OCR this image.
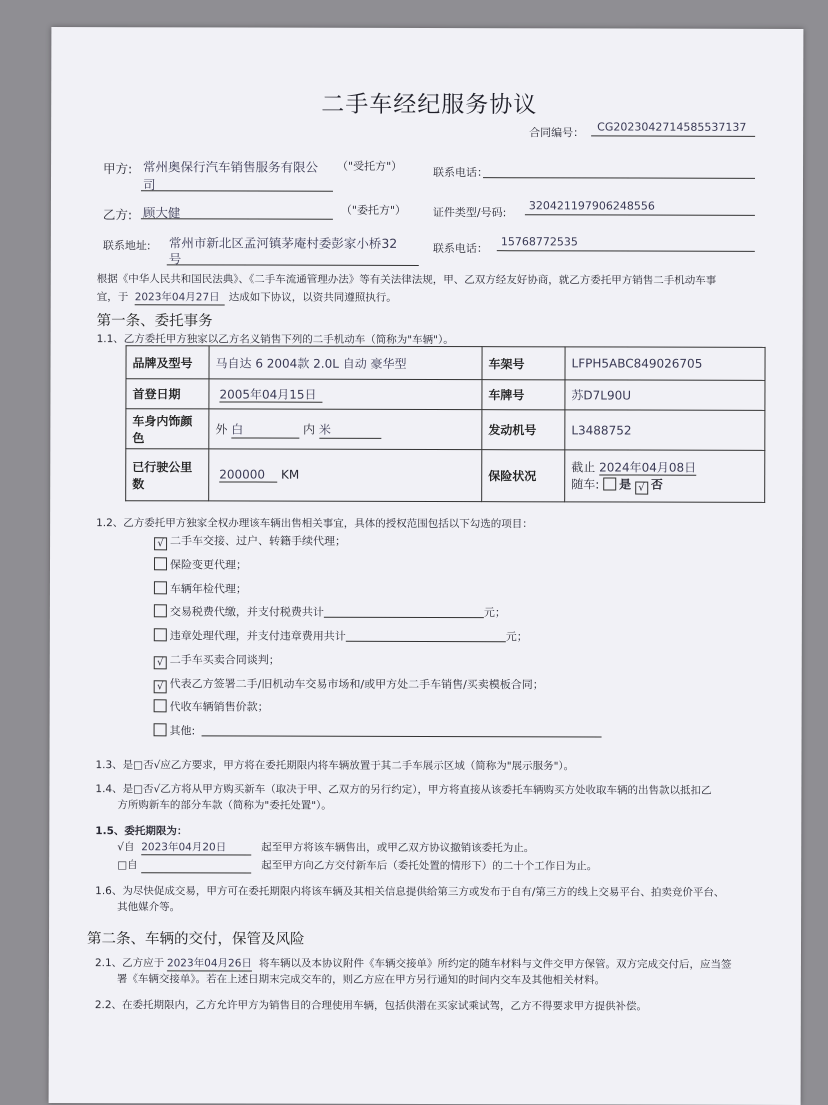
二手车经纪服务协议
合同编号： CG2023042714585537137
甲方: 常州奥保行汽车销售服务有限公
司
（"受托方"）	联系电话：
乙方: 顾大健	（"委托方"） 证件类型/号码:
320421197906248556
联系地址: 常州市新北区孟河镇茅庵村委彭家小桥32
号
联系电话：
15768772535
根据《中华人民共和国民法典》、《二手车流通管理办法》等有关法律法规，甲、乙双方经友好协商，就乙方委托甲方销售二手机动车事
宜，于 2023年04月27日 达成如下协议，以资共同遵照执行。
第一条、委托事务
1.1、乙方委托甲方独家以乙方名义销售下列的二手机动车（简称为"车辆"）。
品牌及型号	马自达 6 2004款 2.0L 自动 豪华型	车架号	LFPH5ABC849026705
首登日期	2005年04月15日	车牌号	苏D7L90U
车身内饰颜色	外 白 内 米	发动机号	L3488752
已行驶公里数	200000 KM	保险状况	截止 2024年04月08日
随车: 是 √ 否
1.2、乙方委托甲方独家全权办理该车辆出售相关事宜，具体的授权范围包括以下勾选的项目：
√ 二手车交接、过户、转籍手续代理；
保险变更代理；
车辆年检代理；
交易税费代缴，并支付税费共计	元；
违章处理代理，并支付违章费用共计	元；
√ 二手车买卖合同谈判；
√ 代表乙方签署二手/旧机动车交易市场和/或甲方处二手车销售/买卖模板合同；
代收车辆销售价款；
其他:
1.3、是□否√应乙方要求，甲方将在委托期限内将车辆放置于其二手车展示区域（简称为"展示服务"）。
1.4、是□否√乙方将从甲方购买新车（取决于甲、乙双方的另行约定），甲方将直接从该委托车辆购买方处收取车辆的出售款以抵扣乙
方所购新车的部分车款（简称为"委托处置"）。
1.5、委托期限为：
√自 2023年04月20日	起至甲方将该车辆售出，或甲乙双方协议撤销该委托为止。
□自	起至甲方向乙方交付新车后（委托处置的情形下）的二十个工作日为止。
1.6、为尽快促成交易，甲方可在委托期限内将该车辆及其相关信息提供给第三方或发布于自有/第三方的线上交易平台、拍卖竞价平台、
其他媒介等。
第二条、车辆的交付，保管及风险
2.1、乙方应于 2023年04月26日 将车辆以及本协议附件《车辆交接单》所约定的随车材料与文件交甲方保管。双方完成交付后，应当签
署《车辆交接单》。若在上述日期末完成交车的，则乙方应在甲方另行通知的时间内交车及其他相关材料。
2.2、在委托期限内，乙方允许甲方为销售目的合理使用车辆，包括供潜在买家试乘试驾，乙方不得要求甲方提供补偿。
